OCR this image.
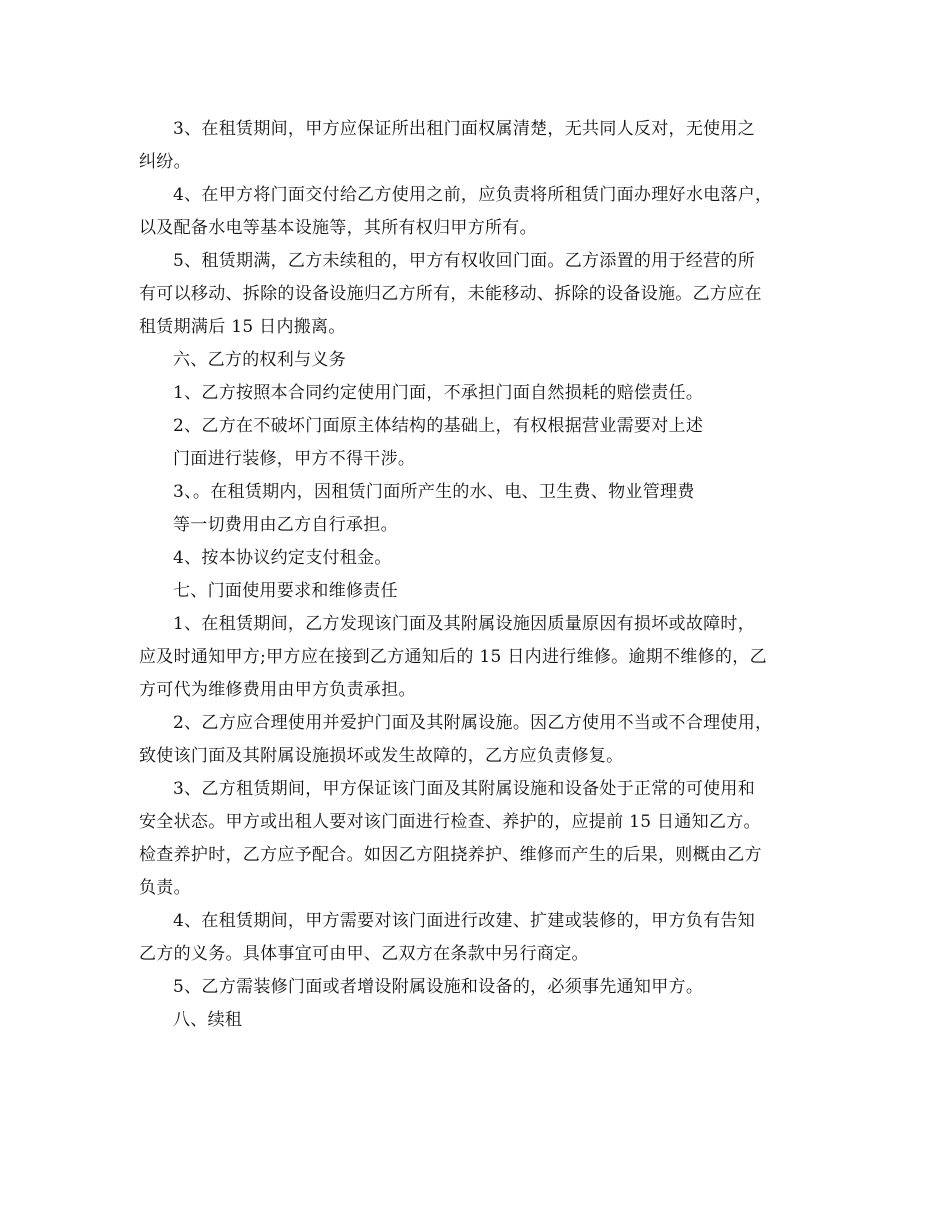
3、在租赁期间，甲方应保证所出租门面权属清楚，无共同人反对，无使用之
纠纷。
4、在甲方将门面交付给乙方使用之前，应负责将所租赁门面办理好水电落户，
以及配备水电等基本设施等，其所有权归甲方所有。
5、租赁期满，乙方未续租的，甲方有权收回门面。乙方添置的用于经营的所
有可以移动、拆除的设备设施归乙方所有，未能移动、拆除的设备设施。乙方应在
租赁期满后 15 日内搬离。
六、乙方的权利与义务
1、乙方按照本合同约定使用门面，不承担门面自然损耗的赔偿责任。
2、乙方在不破坏门面原主体结构的基础上，有权根据营业需要对上述
门面进行装修，甲方不得干涉。
3、。在租赁期内，因租赁门面所产生的水、电、卫生费、物业管理费
等一切费用由乙方自行承担。
4、按本协议约定支付租金。
七、门面使用要求和维修责任
1、在租赁期间，乙方发现该门面及其附属设施因质量原因有损坏或故障时，
应及时通知甲方;甲方应在接到乙方通知后的 15 日内进行维修。逾期不维修的，乙
方可代为维修费用由甲方负责承担。
2、乙方应合理使用并爱护门面及其附属设施。因乙方使用不当或不合理使用，
致使该门面及其附属设施损坏或发生故障的，乙方应负责修复。
3、乙方租赁期间，甲方保证该门面及其附属设施和设备处于正常的可使用和
安全状态。甲方或出租人要对该门面进行检查、养护的，应提前 15 日通知乙方。
检查养护时，乙方应予配合。如因乙方阻挠养护、维修而产生的后果，则概由乙方
负责。
4、在租赁期间，甲方需要对该门面进行改建、扩建或装修的，甲方负有告知
乙方的义务。具体事宜可由甲、乙双方在条款中另行商定。
5、乙方需装修门面或者增设附属设施和设备的，必须事先通知甲方。
八、续租
